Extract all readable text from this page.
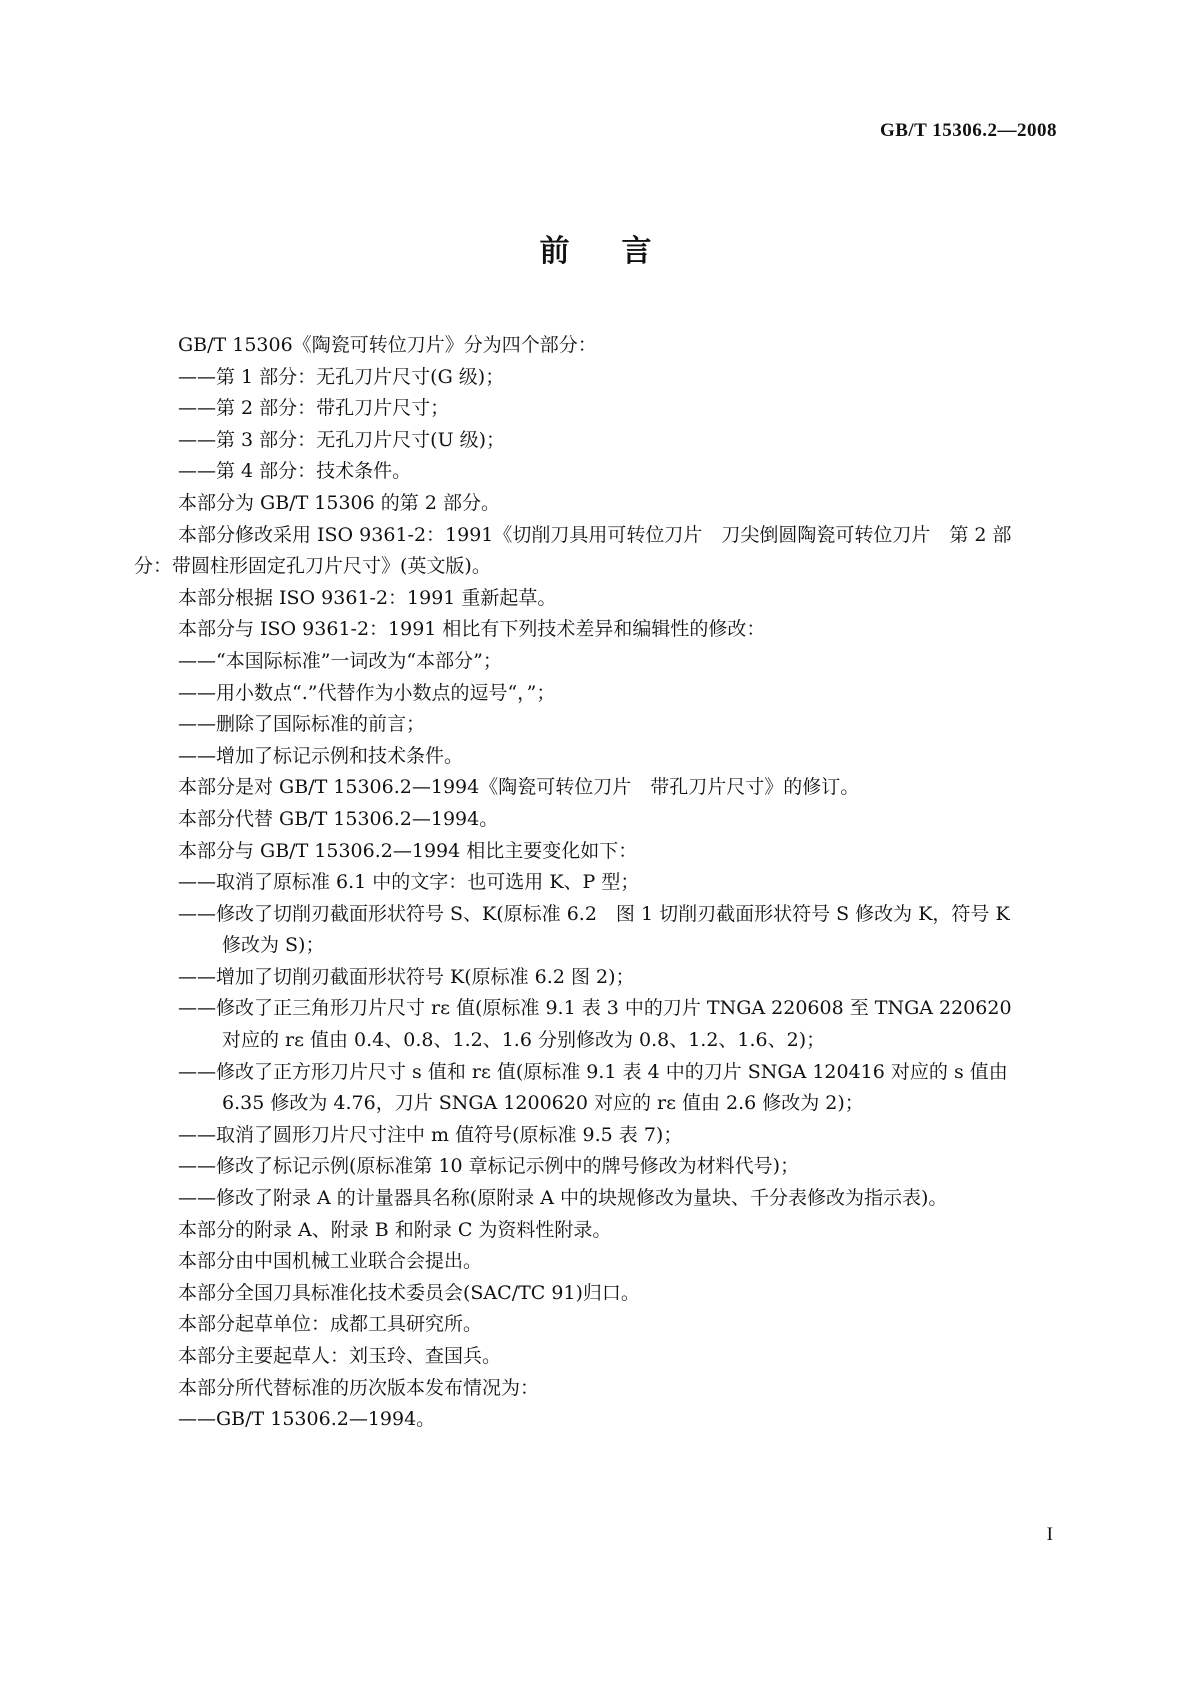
GB/T 15306.2—2008
前言

GB/T 15306《陶瓷可转位刀片》分为四个部分：

——第 1 部分：无孔刀片尺寸(G 级)；

——第 2 部分：带孔刀片尺寸；

——第 3 部分：无孔刀片尺寸(U 级)；

——第 4 部分：技术条件。

本部分为 GB/T 15306 的第 2 部分。

本部分修改采用 ISO 9361-2：1991《切削刀具用可转位刀片　刀尖倒圆陶瓷可转位刀片　第 2 部

分：带圆柱形固定孔刀片尺寸》(英文版)。

本部分根据 ISO 9361-2：1991 重新起草。

本部分与 ISO 9361-2：1991 相比有下列技术差异和编辑性的修改：

——“本国际标准”一词改为“本部分”；

——用小数点“.”代替作为小数点的逗号“，”；

——删除了国际标准的前言；

——增加了标记示例和技术条件。

本部分是对 GB/T 15306.2—1994《陶瓷可转位刀片　带孔刀片尺寸》的修订。

本部分代替 GB/T 15306.2—1994。

本部分与 GB/T 15306.2—1994 相比主要变化如下：

——取消了原标准 6.1 中的文字：也可选用 K、P 型；

——修改了切削刃截面形状符号 S、K(原标准 6.2　图 1 切削刃截面形状符号 S 修改为 K，符号 K

修改为 S)；

——增加了切削刃截面形状符号 K(原标准 6.2 图 2)；

——修改了正三角形刀片尺寸 rε 值(原标准 9.1 表 3 中的刀片 TNGA 220608 至 TNGA 220620

对应的 rε 值由 0.4、0.8、1.2、1.6 分别修改为 0.8、1.2、1.6、2)；

——修改了正方形刀片尺寸 s 值和 rε 值(原标准 9.1 表 4 中的刀片 SNGA 120416 对应的 s 值由

6.35 修改为 4.76，刀片 SNGA 1200620 对应的 rε 值由 2.6 修改为 2)；

——取消了圆形刀片尺寸注中 m 值符号(原标准 9.5 表 7)；

——修改了标记示例(原标准第 10 章标记示例中的牌号修改为材料代号)；

——修改了附录 A 的计量器具名称(原附录 A 中的块规修改为量块、千分表修改为指示表)。

本部分的附录 A、附录 B 和附录 C 为资料性附录。

本部分由中国机械工业联合会提出。

本部分全国刀具标准化技术委员会(SAC/TC 91)归口。

本部分起草单位：成都工具研究所。

本部分主要起草人：刘玉玲、查国兵。

本部分所代替标准的历次版本发布情况为：

——GB/T 15306.2—1994。

I
